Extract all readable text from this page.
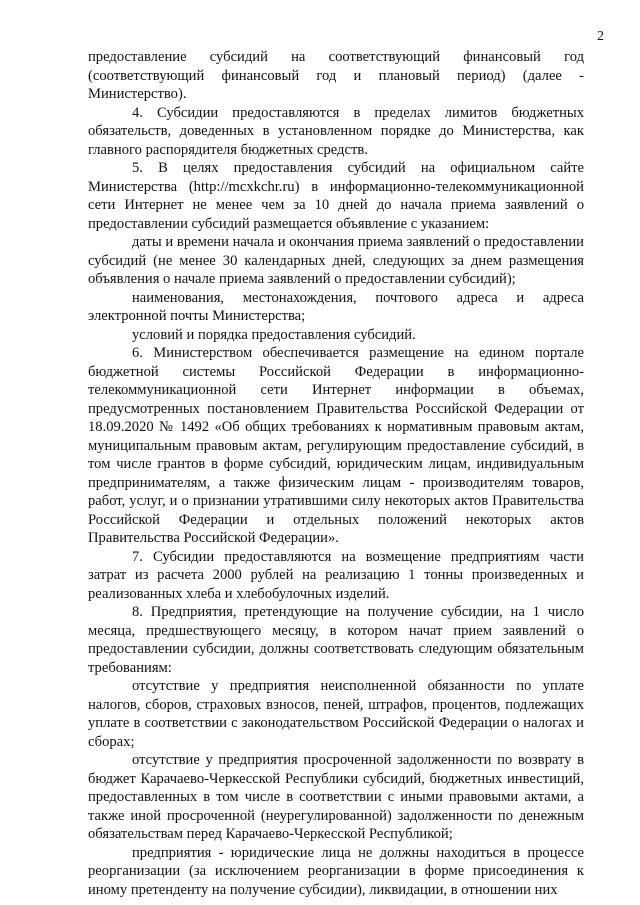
2

предоставление субсидий на соответствующий финансовый год (соответствующий финансовый год и плановый период) (далее - Министерство).

4. Субсидии предоставляются в пределах лимитов бюджетных обязательств, доведенных в установленном порядке до Министерства, как главного распорядителя бюджетных средств.

5. В целях предоставления субсидий на официальном сайте Министерства (http://mcxkchr.ru) в информационно-телекоммуникационной сети Интернет не менее чем за 10 дней до начала приема заявлений о предоставлении субсидий размещается объявление с указанием:

даты и времени начала и окончания приема заявлений о предоставлении субсидий (не менее 30 календарных дней, следующих за днем размещения объявления о начале приема заявлений о предоставлении субсидий);

наименования, местонахождения, почтового адреса и адреса электронной почты Министерства;

условий и порядка предоставления субсидий.

6. Министерством обеспечивается размещение на едином портале бюджетной системы Российской Федерации в информационно-телекоммуникационной сети Интернет информации в объемах, предусмотренных постановлением Правительства Российской Федерации от 18.09.2020 № 1492 «Об общих требованиях к нормативным правовым актам, муниципальным правовым актам, регулирующим предоставление субсидий, в том числе грантов в форме субсидий, юридическим лицам, индивидуальным предпринимателям, а также физическим лицам - производителям товаров, работ, услуг, и о признании утратившими силу некоторых актов Правительства Российской Федерации и отдельных положений некоторых актов Правительства Российской Федерации».

7. Субсидии предоставляются на возмещение предприятиям части затрат из расчета 2000 рублей на реализацию 1 тонны произведенных и реализованных хлеба и хлебобулочных изделий.

8. Предприятия, претендующие на получение субсидии, на 1 число месяца, предшествующего месяцу, в котором начат прием заявлений о предоставлении субсидии, должны соответствовать следующим обязательным требованиям:

отсутствие у предприятия неисполненной обязанности по уплате налогов, сборов, страховых взносов, пеней, штрафов, процентов, подлежащих уплате в соответствии с законодательством Российской Федерации о налогах и сборах;

отсутствие у предприятия просроченной задолженности по возврату в бюджет Карачаево-Черкесской Республики субсидий, бюджетных инвестиций, предоставленных в том числе в соответствии с иными правовыми актами, а также иной просроченной (неурегулированной) задолженности по денежным обязательствам перед Карачаево-Черкесской Республикой;

предприятия - юридические лица не должны находиться в процессе реорганизации (за исключением реорганизации в форме присоединения к иному претенденту на получение субсидии), ликвидации, в отношении них
